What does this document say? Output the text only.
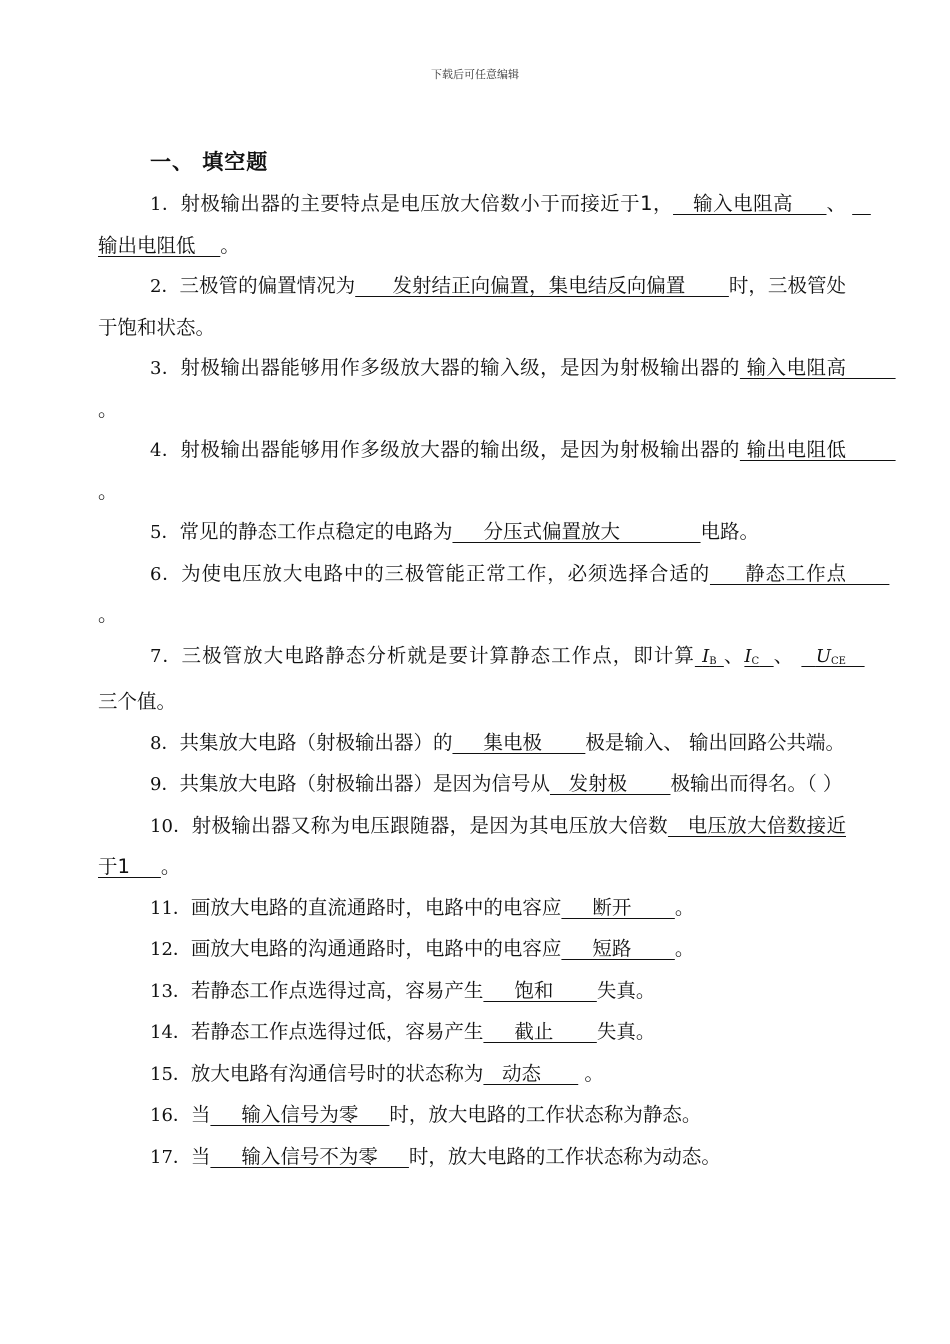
下载后可任意编辑
一、 填空题

1．射极输出器的主要特点是电压放大倍数小于而接近于1，   输入电阻高     、    输出电阻低    。

2．三极管的偏置情况为      发射结正向偏置，集电结反向偏置       时，三极管处于饱和状态。

3．射极输出器能够用作多级放大器的输入级，是因为射极输出器的 输入电阻高        。

4．射极输出器能够用作多级放大器的输出级，是因为射极输出器的 输出电阻低        。

5．常见的静态工作点稳定的电路为     分压式偏置放大             电路。

6．为使电压放大电路中的三极管能正常工作，必须选择合适的     静态工作点       。

7．三极管放大电路静态分析就是要计算静态工作点，即计算 $I_B$ 、$I_C$ 、   $U_{CE}$   三个值。

8．共集放大电路（射极输出器）的     集电极       极是输入、 输出回路公共端。

9．共集放大电路（射极输出器）是因为信号从   发射极       极输出而得名。（ ）

10．射极输出器又称为电压跟随器，是因为其电压放大倍数   电压放大倍数接近于1     。

11．画放大电路的直流通路时，电路中的电容应     断开       。

12．画放大电路的沟通通路时，电路中的电容应     短路       。

13．若静态工作点选得过高，容易产生     饱和       失真。

14．若静态工作点选得过低，容易产生     截止       失真。

15．放大电路有沟通信号时的状态称为   动态       。

16．当     输入信号为零     时，放大电路的工作状态称为静态。

17．当     输入信号不为零     时，放大电路的工作状态称为动态。
